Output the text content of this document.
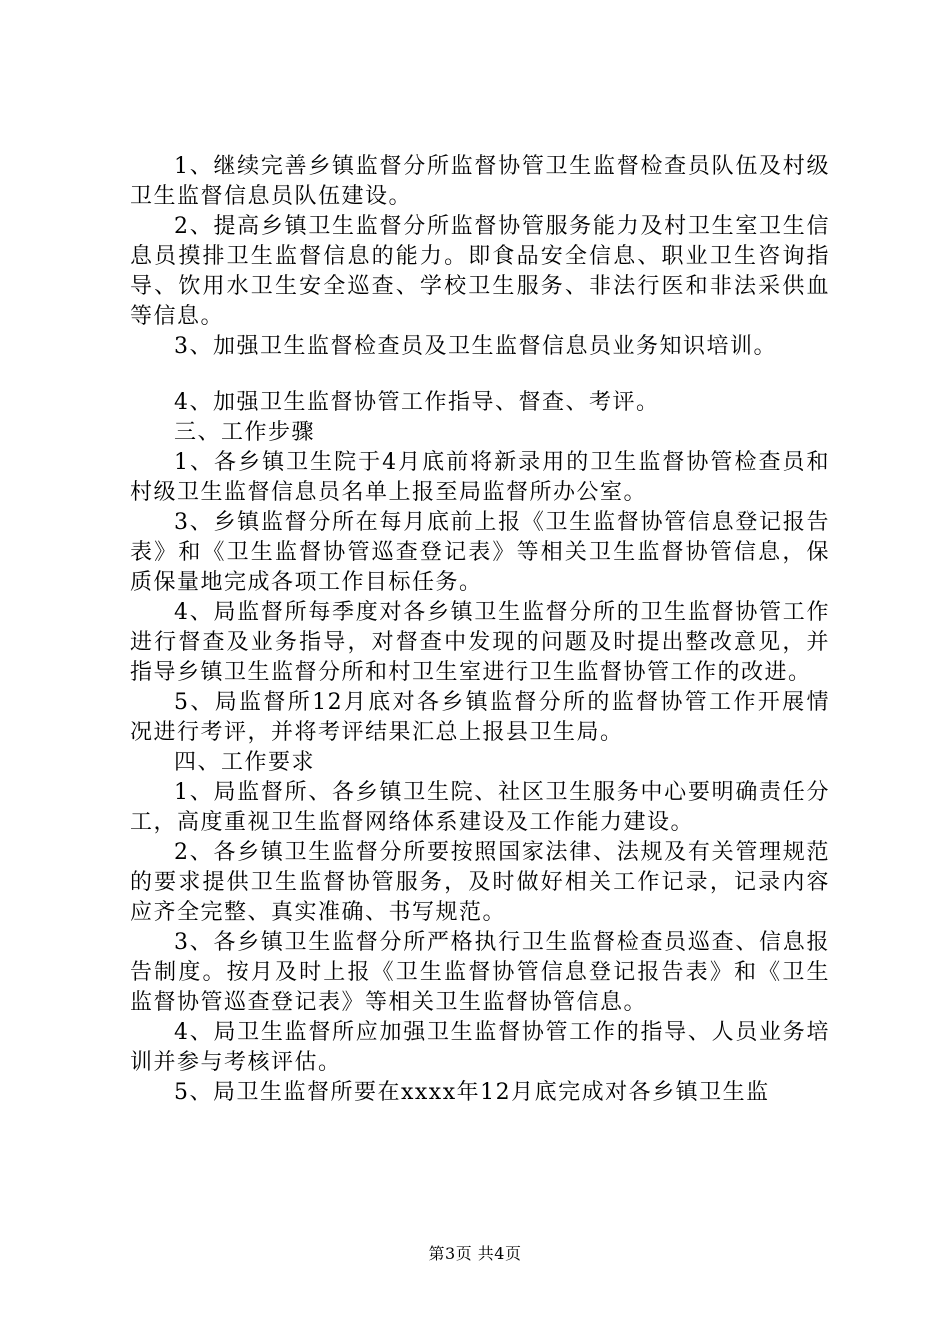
1、继续完善乡镇监督分所监督协管卫生监督检查员队伍及村级卫生监督信息员队伍建设。

2、提高乡镇卫生监督分所监督协管服务能力及村卫生室卫生信息员摸排卫生监督信息的能力。即食品安全信息、职业卫生咨询指导、饮用水卫生安全巡查、学校卫生服务、非法行医和非法采供血等信息。

3、加强卫生监督检查员及卫生监督信息员业务知识培训。

4、加强卫生监督协管工作指导、督查、考评。

三、工作步骤

1、各乡镇卫生院于4月底前将新录用的卫生监督协管检查员和村级卫生监督信息员名单上报至局监督所办公室。

3、乡镇监督分所在每月底前上报《卫生监督协管信息登记报告表》和《卫生监督协管巡查登记表》等相关卫生监督协管信息，保质保量地完成各项工作目标任务。

4、局监督所每季度对各乡镇卫生监督分所的卫生监督协管工作进行督查及业务指导，对督查中发现的问题及时提出整改意见，并指导乡镇卫生监督分所和村卫生室进行卫生监督协管工作的改进。

5、局监督所12月底对各乡镇监督分所的监督协管工作开展情况进行考评，并将考评结果汇总上报县卫生局。

四、工作要求

1、局监督所、各乡镇卫生院、社区卫生服务中心要明确责任分工，高度重视卫生监督网络体系建设及工作能力建设。

2、各乡镇卫生监督分所要按照国家法律、法规及有关管理规范的要求提供卫生监督协管服务，及时做好相关工作记录，记录内容应齐全完整、真实准确、书写规范。

3、各乡镇卫生监督分所严格执行卫生监督检查员巡查、信息报告制度。按月及时上报《卫生监督协管信息登记报告表》和《卫生监督协管巡查登记表》等相关卫生监督协管信息。

4、局卫生监督所应加强卫生监督协管工作的指导、人员业务培训并参与考核评估。

5、局卫生监督所要在xxxx年12月底完成对各乡镇卫生监

第3页 共4页
